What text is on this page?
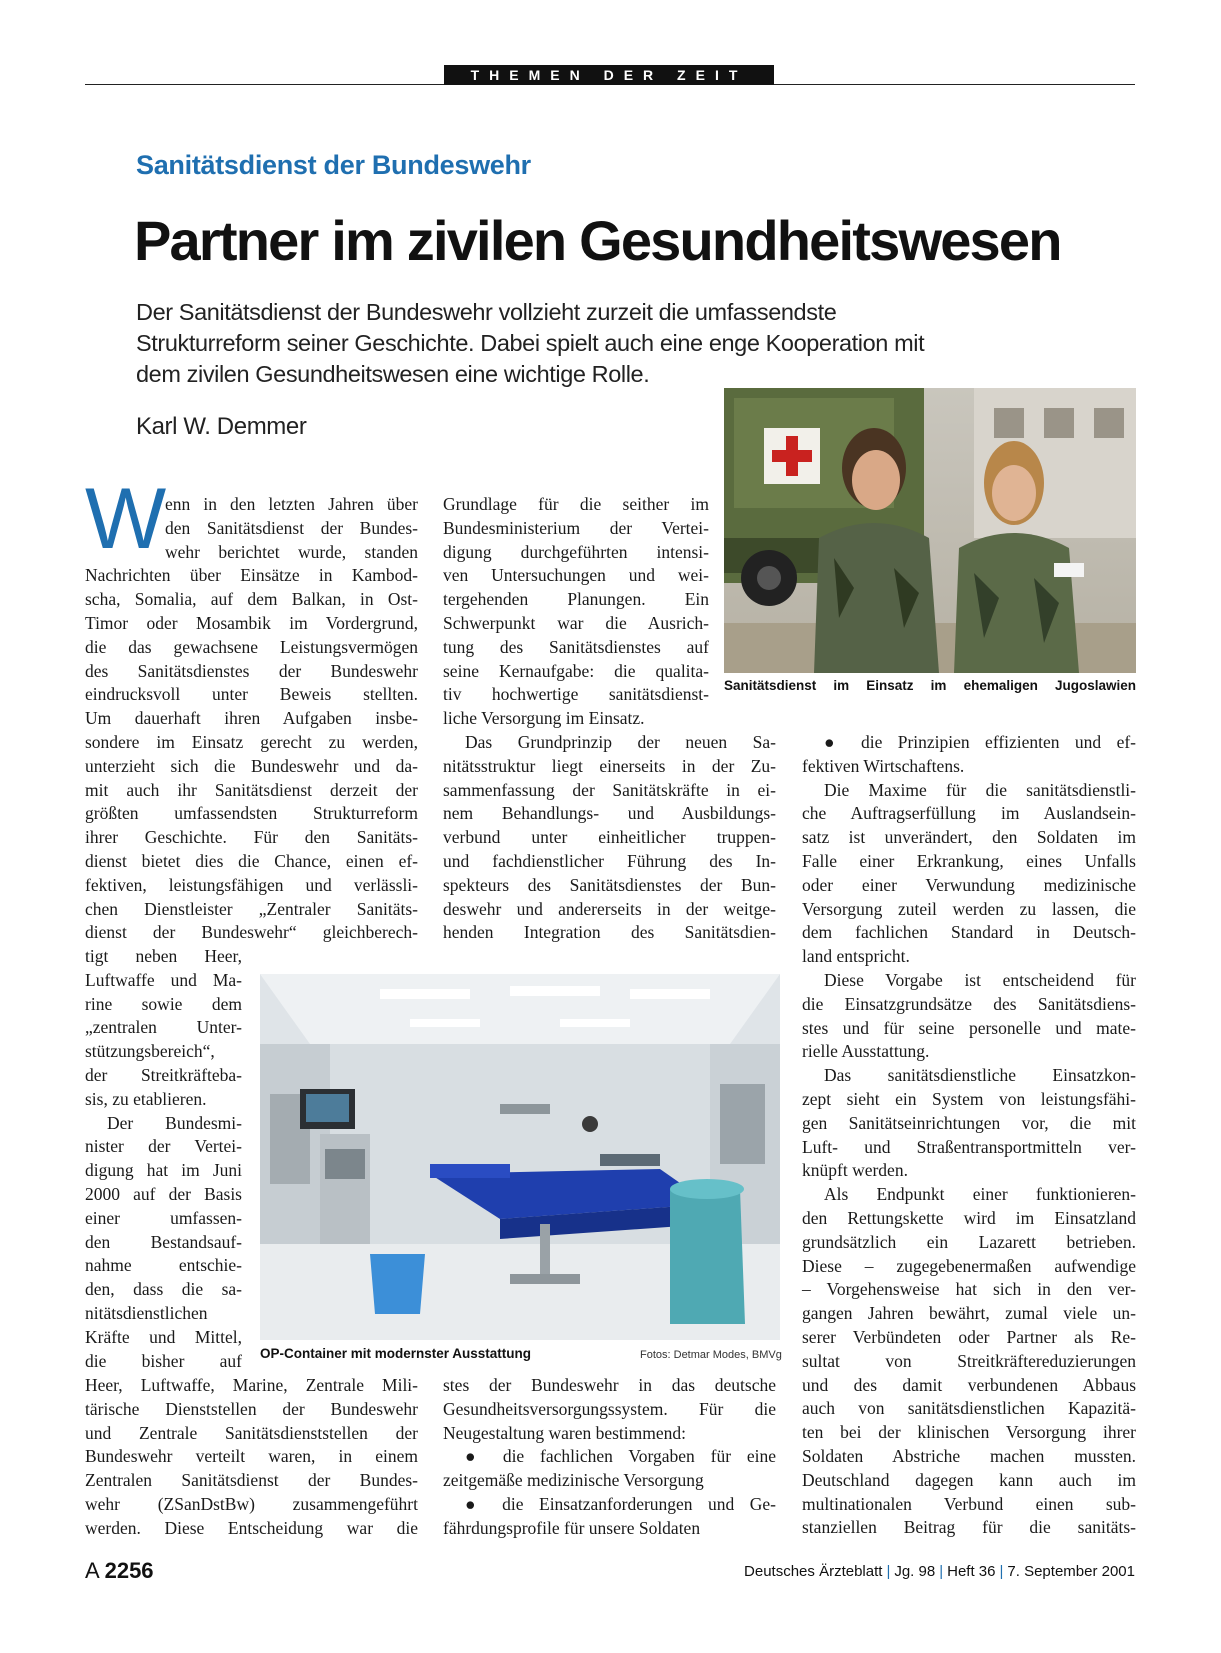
THEMEN DER ZEIT
Sanitätsdienst der Bundeswehr
Partner im zivilen Gesundheitswesen
Der Sanitätsdienst der Bundeswehr vollzieht zurzeit die umfassendste
Strukturreform seiner Geschichte. Dabei spielt auch eine enge Kooperation mit
dem zivilen Gesundheitswesen eine wichtige Rolle.
Karl W. Demmer
Sanitätsdienst im Einsatz im ehemaligen Jugoslawien
OP-Container mit modernster Ausstattung	Fotos: Detmar Modes, BMVg
W
enn in den letzten Jahren über
den Sanitätsdienst der Bundes-
wehr berichtet wurde, standen
Nachrichten über Einsätze in Kambod-
scha, Somalia, auf dem Balkan, in Ost-
Timor oder Mosambik im Vordergrund,
die das gewachsene Leistungsvermögen
des Sanitätsdienstes der Bundeswehr
eindrucksvoll unter Beweis stellten.
Um dauerhaft ihren Aufgaben insbe-
sondere im Einsatz gerecht zu werden,
unterzieht sich die Bundeswehr und da-
mit auch ihr Sanitätsdienst derzeit der
größten umfassendsten Strukturreform
ihrer Geschichte. Für den Sanitäts-
dienst bietet dies die Chance, einen ef-
fektiven, leistungsfähigen und verlässli-
chen Dienstleister „Zentraler Sanitäts-
dienst der Bundeswehr“ gleichberech-
tigt neben Heer,
Luftwaffe und Ma-
rine sowie dem
„zentralen Unter-
stützungsbereich“,
der Streitkräfteba-
sis, zu etablieren.
Der Bundesmi-
nister der Vertei-
digung hat im Juni
2000 auf der Basis
einer umfassen-
den Bestandsauf-
nahme entschie-
den, dass die sa-
nitätsdienstlichen
Kräfte und Mittel,
die bisher auf
Heer, Luftwaffe, Marine, Zentrale Mili-
tärische Dienststellen der Bundeswehr
und Zentrale Sanitätsdienststellen der
Bundeswehr verteilt waren, in einem
Zentralen Sanitätsdienst der Bundes-
wehr (ZSanDstBw) zusammengeführt
werden. Diese Entscheidung war die
Grundlage für die seither im
Bundesministerium der Vertei-
digung durchgeführten intensi-
ven Untersuchungen und wei-
tergehenden Planungen. Ein
Schwerpunkt war die Ausrich-
tung des Sanitätsdienstes auf
seine Kernaufgabe: die qualita-
tiv hochwertige sanitätsdienst-
liche Versorgung im Einsatz.
Das Grundprinzip der neuen Sa-
nitätsstruktur liegt einerseits in der Zu-
sammenfassung der Sanitätskräfte in ei-
nem Behandlungs- und Ausbildungs-
verbund unter einheitlicher truppen-
und fachdienstlicher Führung des In-
spekteurs des Sanitätsdienstes der Bun-
deswehr und andererseits in der weitge-
henden Integration des Sanitätsdien-
stes der Bundeswehr in das deutsche
Gesundheitsversorgungssystem. Für die
Neugestaltung waren bestimmend:
● die fachlichen Vorgaben für eine
zeitgemäße medizinische Versorgung
● die Einsatzanforderungen und Ge-
fährdungsprofile für unsere Soldaten
● die Prinzipien effizienten und ef-
fektiven Wirtschaftens.
Die Maxime für die sanitätsdienstli-
che Auftragserfüllung im Auslandsein-
satz ist unverändert, den Soldaten im
Falle einer Erkrankung, eines Unfalls
oder einer Verwundung medizinische
Versorgung zuteil werden zu lassen, die
dem fachlichen Standard in Deutsch-
land entspricht.
Diese Vorgabe ist entscheidend für
die Einsatzgrundsätze des Sanitätsdiens-
stes und für seine personelle und mate-
rielle Ausstattung.
Das sanitätsdienstliche Einsatzkon-
zept sieht ein System von leistungsfähi-
gen Sanitätseinrichtungen vor, die mit
Luft- und Straßentransportmitteln ver-
knüpft werden.
Als Endpunkt einer funktionieren-
den Rettungskette wird im Einsatzland
grundsätzlich ein Lazarett betrieben.
Diese – zugegebenermaßen aufwendige
– Vorgehensweise hat sich in den ver-
gangen Jahren bewährt, zumal viele un-
serer Verbündeten oder Partner als Re-
sultat von Streitkräftereduzierungen
und des damit verbundenen Abbaus
auch von sanitätsdienstlichen Kapazitä-
ten bei der klinischen Versorgung ihrer
Soldaten Abstriche machen mussten.
Deutschland dagegen kann auch im
multinationalen Verbund einen sub-
stanziellen Beitrag für die sanitäts-
A 2256	Deutsches Ärzteblatt | Jg. 98 | Heft 36 | 7. September 2001
